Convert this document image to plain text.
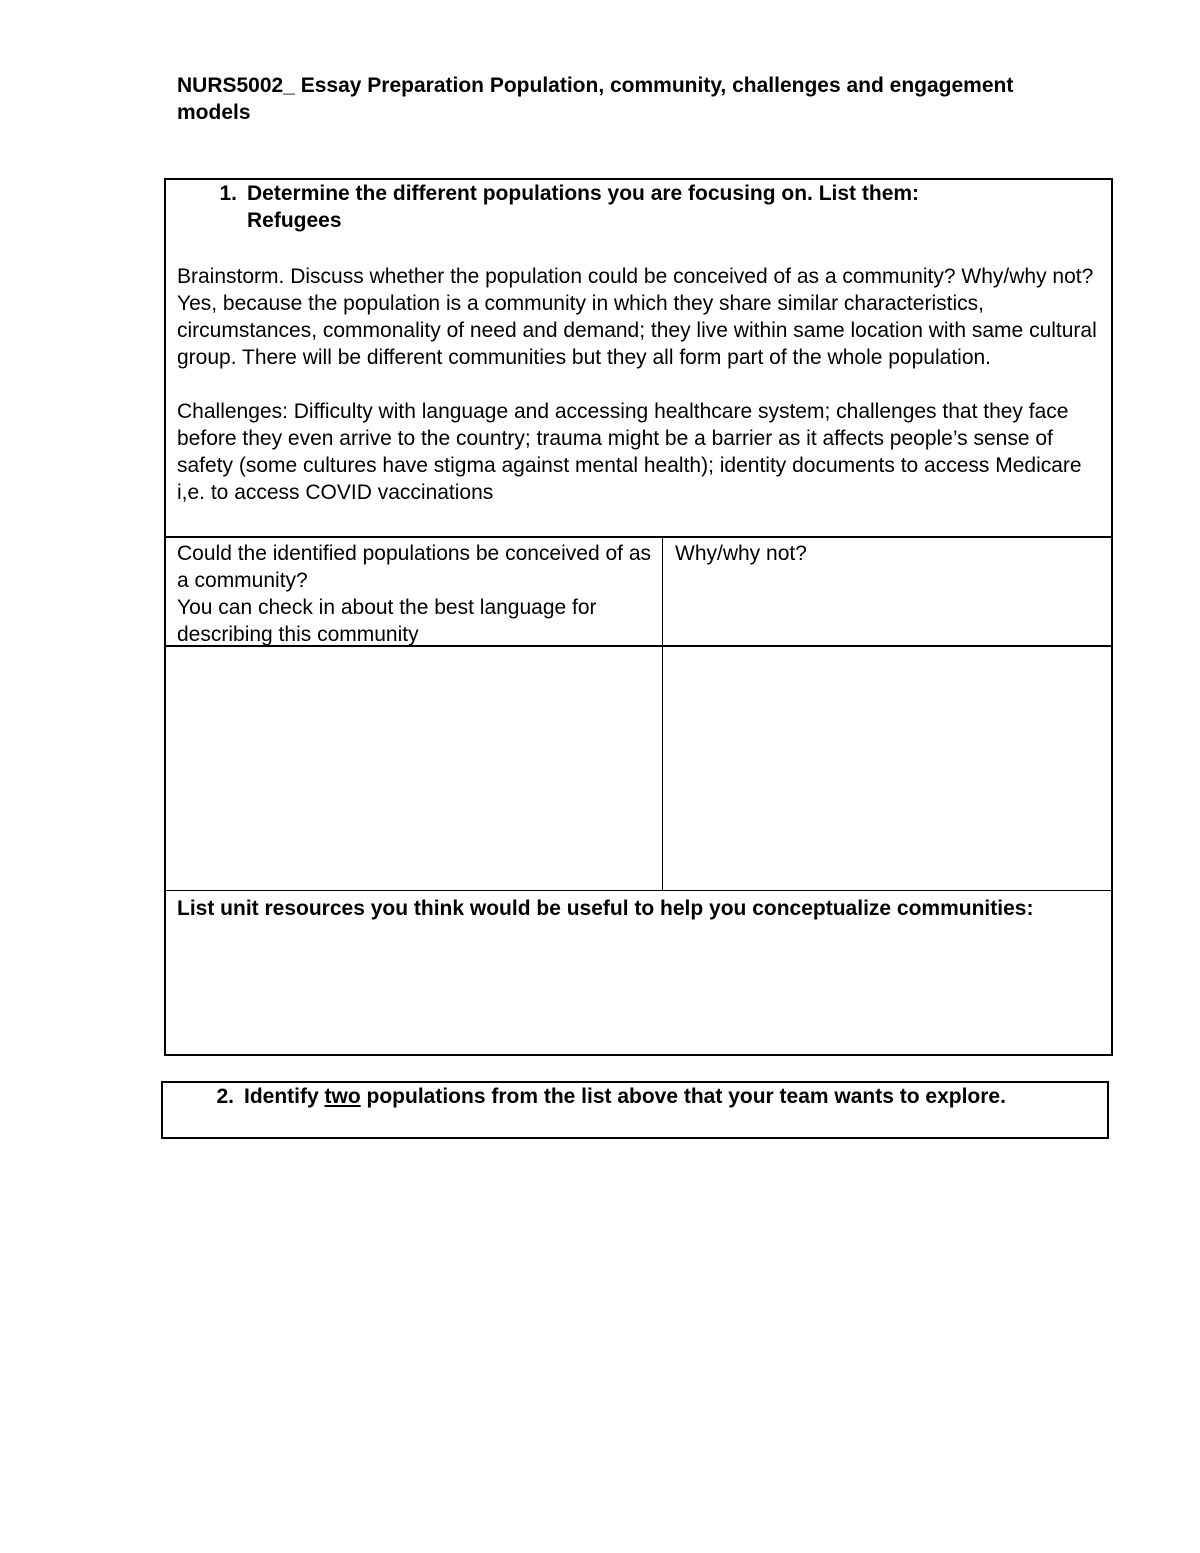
NURS5002_ Essay Preparation Population, community, challenges and engagement models
1. Determine the different populations you are focusing on. List them:
Refugees

Brainstorm. Discuss whether the population could be conceived of as a community? Why/why not? Yes, because the population is a community in which they share similar characteristics, circumstances, commonality of need and demand; they live within same location with same cultural group. There will be different communities but they all form part of the whole population.

Challenges: Difficulty with language and accessing healthcare system; challenges that they face before they even arrive to the country; trauma might be a barrier as it affects people’s sense of safety (some cultures have stigma against mental health); identity documents to access Medicare i,e. to access COVID vaccinations

Could the identified populations be conceived of as a community?
You can check in about the best language for describing this community
Why/why not?
List unit resources you think would be useful to help you conceptualize communities:
2. Identify two populations from the list above that your team wants to explore.
